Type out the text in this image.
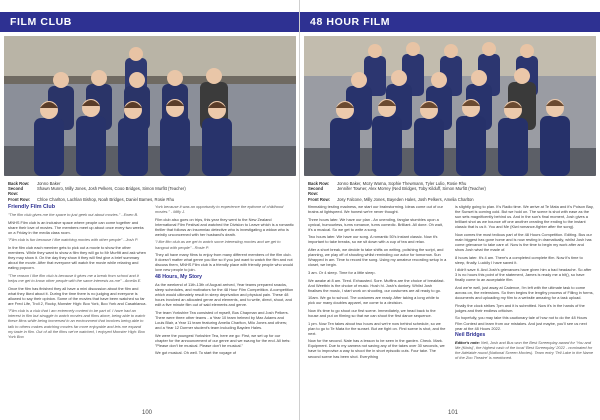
FILM CLUB
Back Row:	Jonno Baker
Second Row:
Shawn Munro, Milly Jones, Josh Pelkers, Cooo Bridges, Simon Murfitt (Teacher)
Front Row:	Chloe Charlton, Lachlan Bishop, Noah Bridges, Daniel Barnes, Rosie Rhu
Friendly Film Club

"The film club gives me the space to just geek out about movies." - Ewen B.

MNHS Film club is an inclusive space where people can come together and share their love of movies. The members meet up about once every two weeks on a Friday in the media class room.

"Film club is fun because I like watching movies with other people" - Josh P.

In the film club each member gets to pick out a movie to show the other members. While they want to show a film they will go to Mr Murfitt and ask when they may show it. On the day they show it they will first give a brief summary about the movie. After that everyone will watch the movie while relaxing and eating popcorn.

"The reason I like film club is because it gives me a break from school and it helps me get to know other people with the same interests as me" - Amelia E.

Once the film has finished they all have a mini discussion about the film and what they liked about it. During the time there is no judging and everyone is allowed to say their opinion. Some of the movies that have been watched so far are Fred Life, Troll 2, Rocky, Monster High: Boo York, Boo York and Casablanca.

"Film club is a club that I am extremely content to be part of. I have had an interest in film but struggle to watch movies and films alone, being able to watch these films while being immersed in an environment that involves being able to talk to others makes watching movies far more enjoyable and lets me expand my taste in film. Out of all the films we've watched, I enjoyed Monster High: Boo York Boo

York because it was an opportunity to experience the epitome of childhood movies." - Milly J.

Film club also goes on trips, this year they went to the New Zealand International Film Festival and watched the Division to Leave which is a romantic thriller that follows an insomniac detective who is investigating a widow who is weirdly unconcerned with her husband's death.

"I like film club as we get to watch some interesting movies and we get to hangout with people" - Rosie P.

They all have many films to enjoy from many different members of the film club. It doesn't matter what genre you like so if you just want to watch the film and not discuss them, MNHS Film club is a friendly place with friendly people who would love new people to join.

48 Hours, My Story

As the weekend of 11th-13th of August arrived, Year teams prepared snacks, sleep schedules, and motivators for the 48 Hour Film Competition. A competition which would ultimately result in sleep deprivation and physical pain. These 48 hours involved an allocated genre and elements, and to write, direct, shoot, and edit a five minute film out of said elements and genre.

The team Yorkshire Tea consisted of myself, Bus Chapman and Josh Pelkers. There were three other teams - a Year 10 team helmed by Max Adams and Louis Blair, a Year 11 team featuring Amelia Charlton, Milo Jones and others; and a Year 12 Dormer student's team including Bayden Hales.

We were the youngest Yorkshire Tea, here we go: First, we set up for our chapter for the announcement of our genre and we swung for the end. All bets: "Please don't be musical. Please don't be musical."

We got musical. Oh well. To start the voyage of

100
48 HOUR FILM
Back Row:	Jonno Baker, Mozy Warna, Sophie Thewmann, Tyler Lulio, Rosie Rhu
Second Row:
Jennifer Towner, Alex Morrey (Ned Bridges, Toby Kilduff, Simon Murfitt (Teacher)
Front Row:	Josy Falcone, Milly Jones, Bayeden Hales, Josh Pelkers, Amelia Charlton

filmmaking testing madness, we start our brainstorming. Ideas come out of our brains at lightspeed. We honest we're never thought.

Three hours later. We have our plan - An unending, fanglar stumbles upon a cynical, humourless, turns romance, turns comedic. Brilliant. All done. Oh wait, it's a musical. So we get to write a song.

Two hours later. We have our song. A romantic 50's instant classic. Now it's important to take breaks, so we sit down with a cup of tea and relax.

After a short break, we decide to take shifts on writing, polishing the script, and planning, we play off of shouting whilst reminding our actor for tomorrow. Sun Wrapped in am. Time to record the song. Using my amateur recording setup in a closet, we begin.

3 am. Or 4 sleep. Time for a little sleep.

We awake at 8 am. Tired. Exhausted. Sore. Muffins are the choice of breakfast. And Weetbix is the choice of music. Hush hi. Josh's donkey. Whilst Josh finalises the music, I start work on shooting, our costumes are all ready to go.

10am. We go to school. The costumes are ready. After taking a long while to pick our many doubles apparel, we come to a decision.

Now it's time to go shoot our first scene. Immediately, we head back to the house and put on filming so that we can shoot the first dance sequence.

1 pm. Now Ten takes about two hours and we're now behind schedule, so we plan to go to Te Mata for the sunset. But we fight on. First scene is shot, and the next.

Now for the second. Nate has a lesson to be seen in the garden. Check. Mark. Equipment. Due to my camera not saving any of the takes over 30 seconds, we have to improvise a way to shoot the in short episodic cuts. Four take. The second scene has been shot. Everything

is slightly going to plan. It's Radio time. We arrive at Te Mata and it's Poison Bay, the Sunset is coming cold. But we hold on. The scene is shot with ease as the sun sets magnificently behind us. And in the sun's final moment, Josh gives a brilliant shot as we bounce off one another creating the ending to the instant classic that is us it. You and Me (Kiwi romance-fighter after the song).

Now comes the most tedious part of the 48 Hours Competition. Editing. Bus our main biggest has gone home and is now resting in dramatically, whilst Josh has come grievance to take care of. Now is the time to begin my work after and show Josh what the made of.

8 hours later. It's 4 am. There's a completed complete film. Now it's time to sleep, finally. Luckily I have saved it.

I didn't save it. And Josh's grievances have given him a bad headache. So after 3 is no hours this point of the statement, James is ready me a bit(), so have finally come to an acceptable film.

And we're well, just away at Cadence, I'm left with the ultimate task to come across on, the extensions. So then begins the lengthy process of Filling in forms, documents and uploading my film to a website amazing for a task upload.

Finally the clock strikes 7pm and it is submitted. Now it's in the hands of the judges and their endless criticism.

So hopefully, you may take this cautionary tale of how not to do the 48 Hours Film Contest and learn from our mistakes. And just maybe, you'll see us next year at the 48 Hours 2022.

Neil Bridges

Editor's note: Neil, Josh and Bus won the Best Screenplay award for 'You and Me (Kiwis)', the highest cash of the local 'Best Screenplay' 2022 - nominated for the Adelaide round (National Screen Movies). Team entry 'Tell Lake in the Name of the Zoo Theatre' is mentioned.

101
